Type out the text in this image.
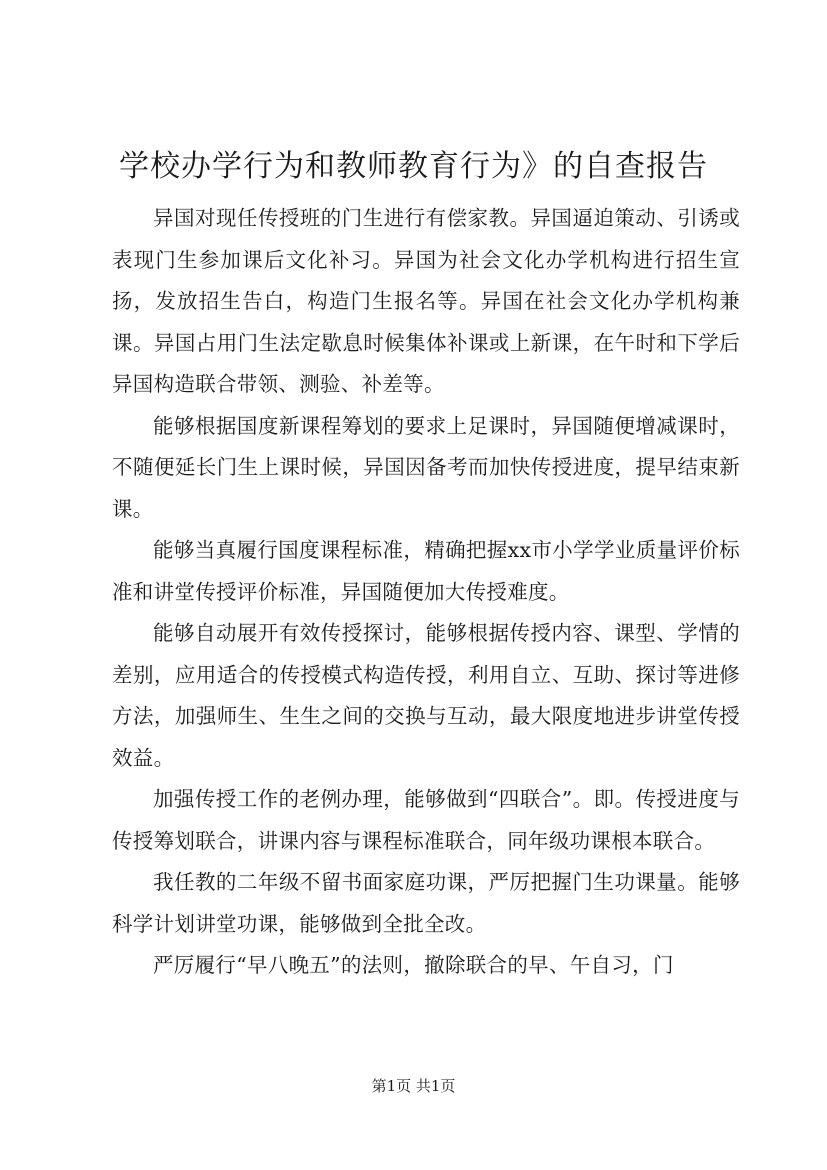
学校办学行为和教师教育行为》的自查报告

异国对现任传授班的门生进行有偿家教。异国逼迫策动、引诱或表现门生参加课后文化补习。异国为社会文化办学机构进行招生宣扬，发放招生告白，构造门生报名等。异国在社会文化办学机构兼课。异国占用门生法定歇息时候集体补课或上新课，在午时和下学后异国构造联合带领、测验、补差等。

能够根据国度新课程筹划的要求上足课时，异国随便增减课时，不随便延长门生上课时候，异国因备考而加快传授进度，提早结束新课。

能够当真履行国度课程标准，精确把握xx市小学学业质量评价标准和讲堂传授评价标准，异国随便加大传授难度。

能够自动展开有效传授探讨，能够根据传授内容、课型、学情的差别，应用适合的传授模式构造传授，利用自立、互助、探讨等进修方法，加强师生、生生之间的交换与互动，最大限度地进步讲堂传授效益。

加强传授工作的老例办理，能够做到“四联合”。即。传授进度与传授筹划联合，讲课内容与课程标准联合，同年级功课根本联合。

我任教的二年级不留书面家庭功课，严厉把握门生功课量。能够科学计划讲堂功课，能够做到全批全改。

严厉履行“早八晚五”的法则，撤除联合的早、午自习，门

第1页 共1页
